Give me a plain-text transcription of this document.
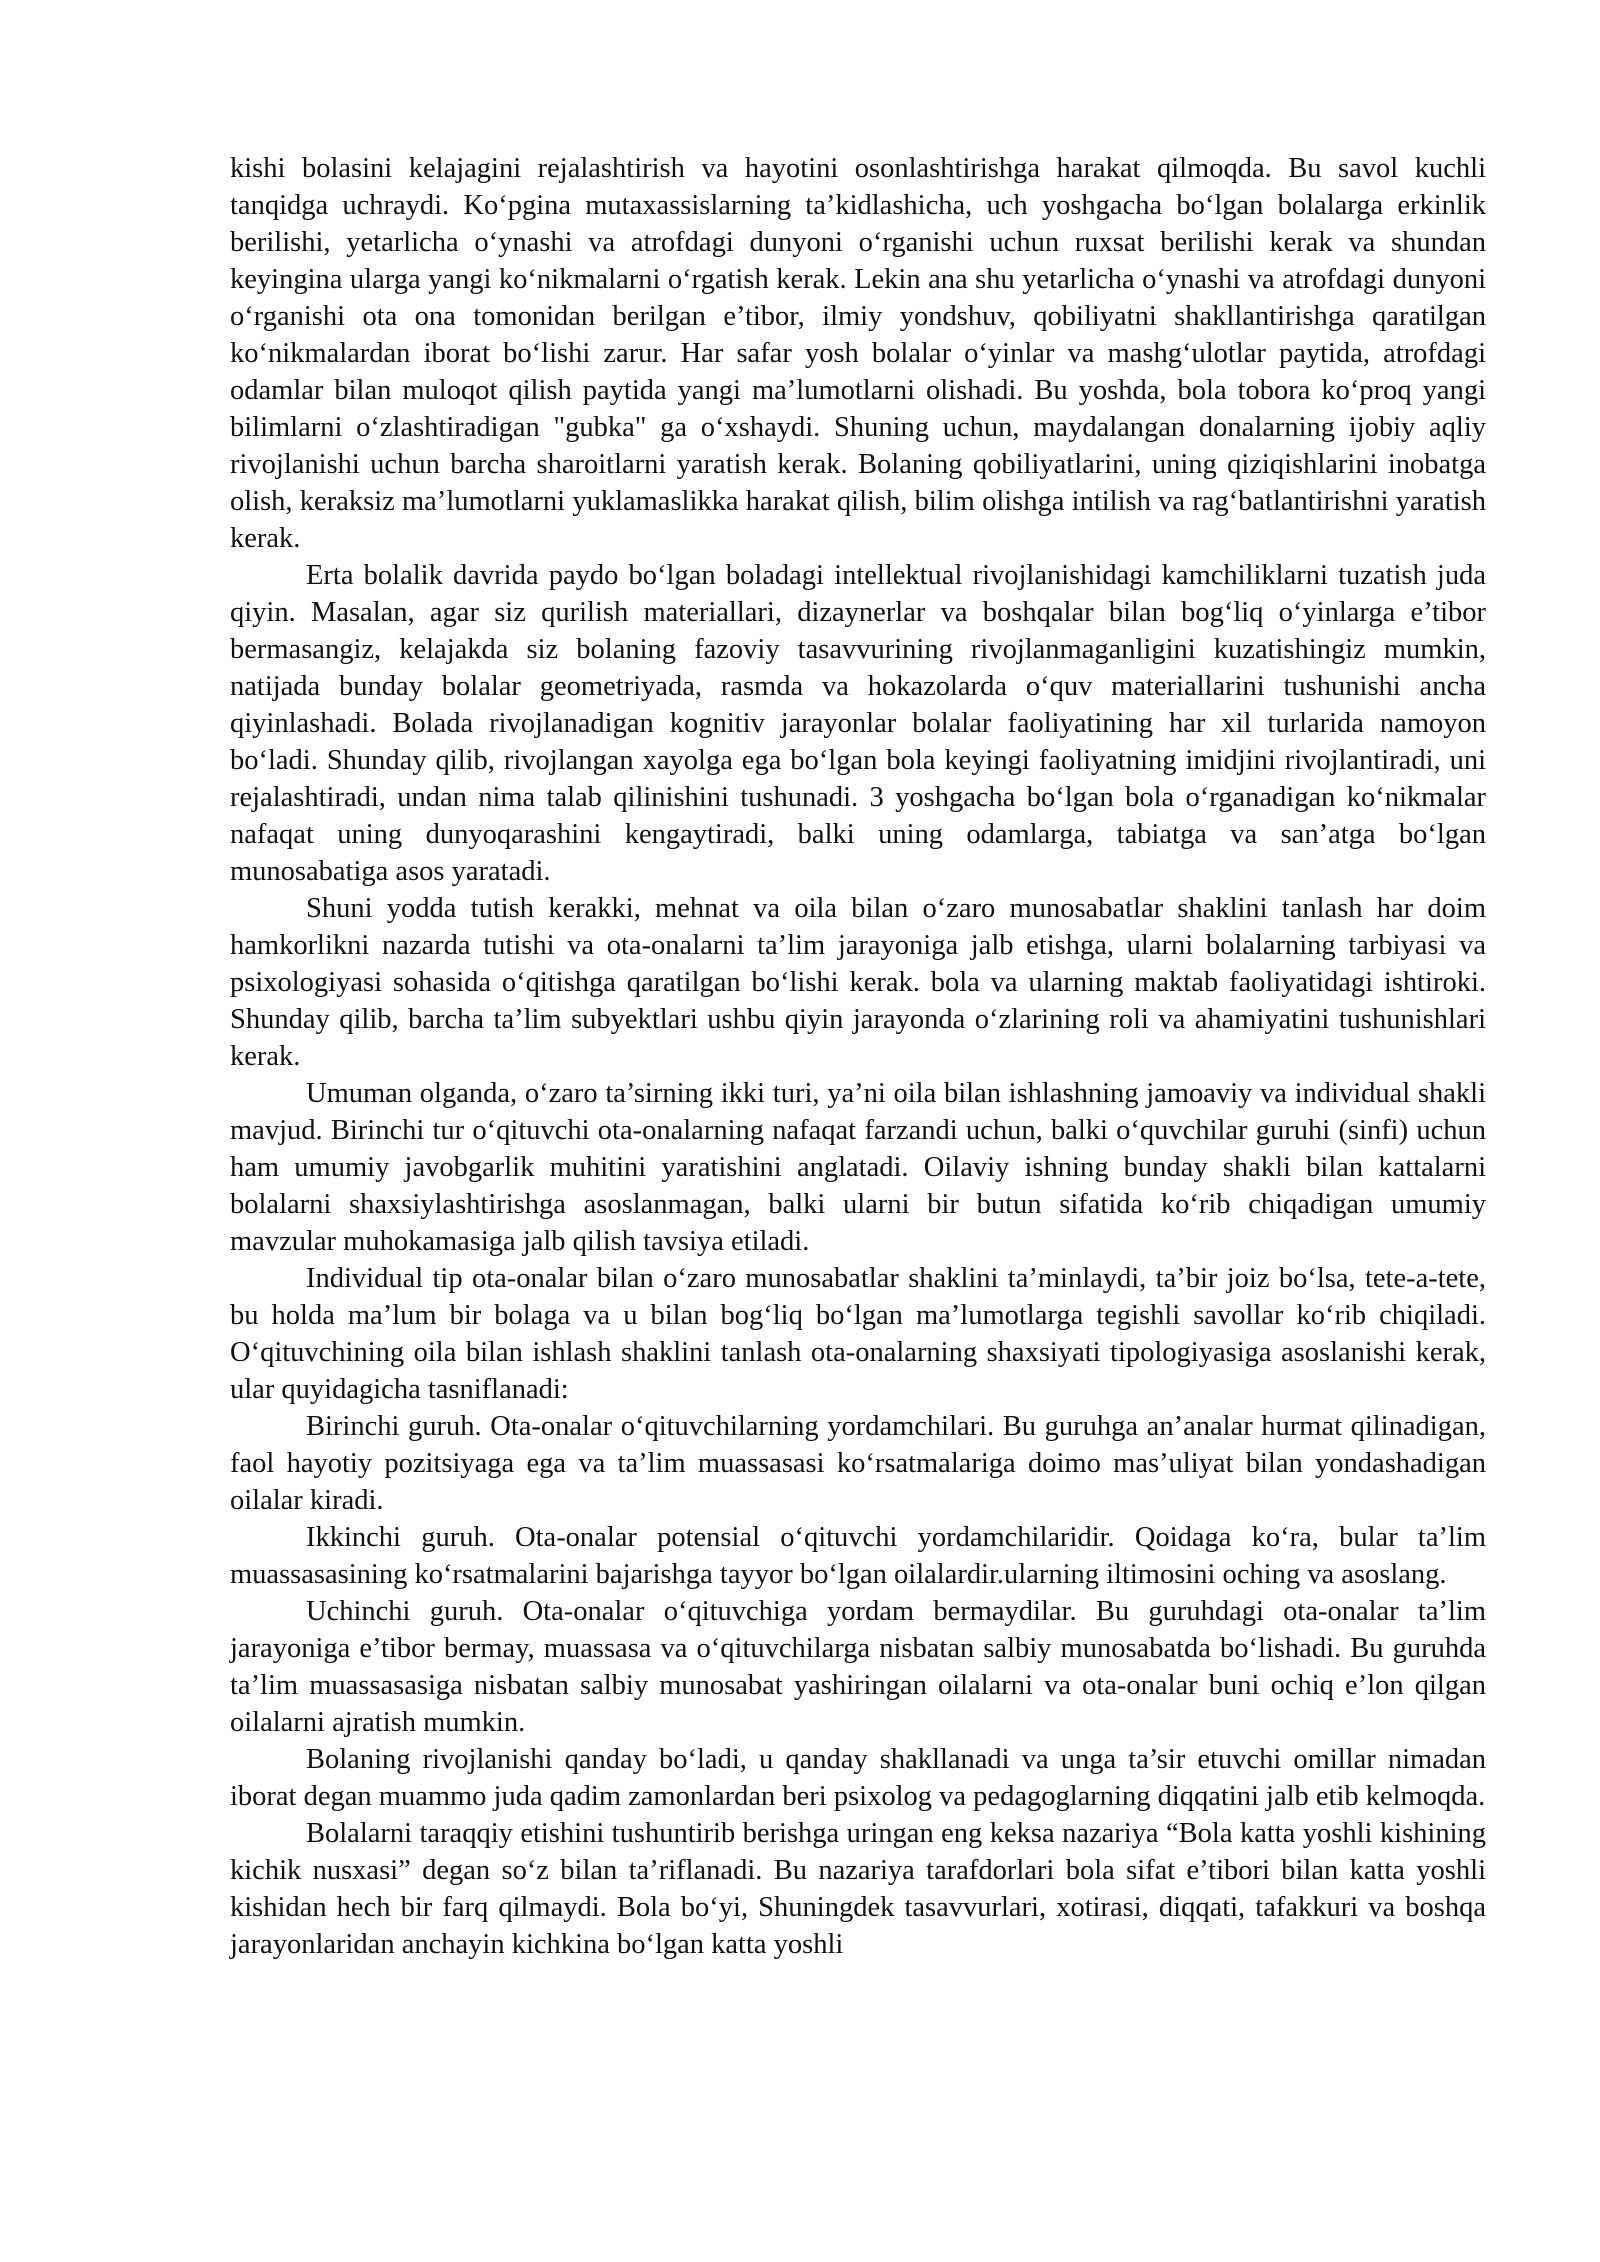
kishi bolasini kelajagini rejalashtirish va hayotini osonlashtirishga harakat qilmoqda. Bu savol kuchli tanqidga uchraydi. Ko‘pgina mutaxassislarning ta’kidlashicha, uch yoshgacha bo‘lgan bolalarga erkinlik berilishi, yetarlicha o‘ynashi va atrofdagi dunyoni o‘rganishi uchun ruxsat berilishi kerak va shundan keyingina ularga yangi ko‘nikmalarni o‘rgatish kerak. Lekin ana shu yetarlicha o‘ynashi va atrofdagi dunyoni o‘rganishi ota ona tomonidan berilgan e’tibor, ilmiy yondshuv, qobiliyatni shakllantirishga qaratilgan ko‘nikmalardan iborat bo‘lishi zarur. Har safar yosh bolalar o‘yinlar va mashg‘ulotlar paytida, atrofdagi odamlar bilan muloqot qilish paytida yangi ma’lumotlarni olishadi. Bu yoshda, bola tobora ko‘proq yangi bilimlarni o‘zlashtiradigan "gubka" ga o‘xshaydi. Shuning uchun, maydalangan donalarning ijobiy aqliy rivojlanishi uchun barcha sharoitlarni yaratish kerak. Bolaning qobiliyatlarini, uning qiziqishlarini inobatga olish, keraksiz ma’lumotlarni yuklamaslikka harakat qilish, bilim olishga intilish va rag‘batlantirishni yaratish kerak.

Erta bolalik davrida paydo bo‘lgan boladagi intellektual rivojlanishidagi kamchiliklarni tuzatish juda qiyin. Masalan, agar siz qurilish materiallari, dizaynerlar va boshqalar bilan bog‘liq o‘yinlarga e’tibor bermasangiz, kelajakda siz bolaning fazoviy tasavvurining rivojlanmaganligini kuzatishingiz mumkin, natijada bunday bolalar geometriyada, rasmda va hokazolarda o‘quv materiallarini tushunishi ancha qiyinlashadi. Bolada rivojlanadigan kognitiv jarayonlar bolalar faoliyatining har xil turlarida namoyon bo‘ladi. Shunday qilib, rivojlangan xayolga ega bo‘lgan bola keyingi faoliyatning imidjini rivojlantiradi, uni rejalashtiradi, undan nima talab qilinishini tushunadi. 3 yoshgacha bo‘lgan bola o‘rganadigan ko‘nikmalar nafaqat uning dunyoqarashini kengaytiradi, balki uning odamlarga, tabiatga va san’atga bo‘lgan munosabatiga asos yaratadi.

Shuni yodda tutish kerakki, mehnat va oila bilan o‘zaro munosabatlar shaklini tanlash har doim hamkorlikni nazarda tutishi va ota-onalarni ta’lim jarayoniga jalb etishga, ularni bolalarning tarbiyasi va psixologiyasi sohasida o‘qitishga qaratilgan bo‘lishi kerak. bola va ularning maktab faoliyatidagi ishtiroki. Shunday qilib, barcha ta’lim subyektlari ushbu qiyin jarayonda o‘zlarining roli va ahamiyatini tushunishlari kerak.

Umuman olganda, o‘zaro ta’sirning ikki turi, ya’ni oila bilan ishlashning jamoaviy va individual shakli mavjud. Birinchi tur o‘qituvchi ota-onalarning nafaqat farzandi uchun, balki o‘quvchilar guruhi (sinfi) uchun ham umumiy javobgarlik muhitini yaratishini anglatadi. Oilaviy ishning bunday shakli bilan kattalarni bolalarni shaxsiylashtirishga asoslanmagan, balki ularni bir butun sifatida ko‘rib chiqadigan umumiy mavzular muhokamasiga jalb qilish tavsiya etiladi.

Individual tip ota-onalar bilan o‘zaro munosabatlar shaklini ta’minlaydi, ta’bir joiz bo‘lsa, tete-a-tete, bu holda ma’lum bir bolaga va u bilan bog‘liq bo‘lgan ma’lumotlarga tegishli savollar ko‘rib chiqiladi. O‘qituvchining oila bilan ishlash shaklini tanlash ota-onalarning shaxsiyati tipologiyasiga asoslanishi kerak, ular quyidagicha tasniflanadi:

Birinchi guruh. Ota-onalar o‘qituvchilarning yordamchilari. Bu guruhga an’analar hurmat qilinadigan, faol hayotiy pozitsiyaga ega va ta’lim muassasasi ko‘rsatmalariga doimo mas’uliyat bilan yondashadigan oilalar kiradi.

Ikkinchi guruh. Ota-onalar potensial o‘qituvchi yordamchilaridir. Qoidaga ko‘ra, bular ta’lim muassasasining ko‘rsatmalarini bajarishga tayyor bo‘lgan oilalardir.ularning iltimosini oching va asoslang.

Uchinchi guruh. Ota-onalar o‘qituvchiga yordam bermaydilar. Bu guruhdagi ota-onalar ta’lim jarayoniga e’tibor bermay, muassasa va o‘qituvchilarga nisbatan salbiy munosabatda bo‘lishadi. Bu guruhda ta’lim muassasasiga nisbatan salbiy munosabat yashiringan oilalarni va ota-onalar buni ochiq e’lon qilgan oilalarni ajratish mumkin.

Bolaning rivojlanishi qanday bo‘ladi, u qanday shakllanadi va unga ta’sir etuvchi omillar nimadan iborat degan muammo juda qadim zamonlardan beri psixolog va pedagoglarning diqqatini jalb etib kelmoqda.

Bolalarni taraqqiy etishini tushuntirib berishga uringan eng keksa nazariya “Bola katta yoshli kishining kichik nusxasi” degan so‘z bilan ta’riflanadi. Bu nazariya tarafdorlari bola sifat e’tibori bilan katta yoshli kishidan hech bir farq qilmaydi. Bola bo‘yi, Shuningdek tasavvurlari, xotirasi, diqqati, tafakkuri va boshqa jarayonlaridan anchayin kichkina bo‘lgan katta yoshli
